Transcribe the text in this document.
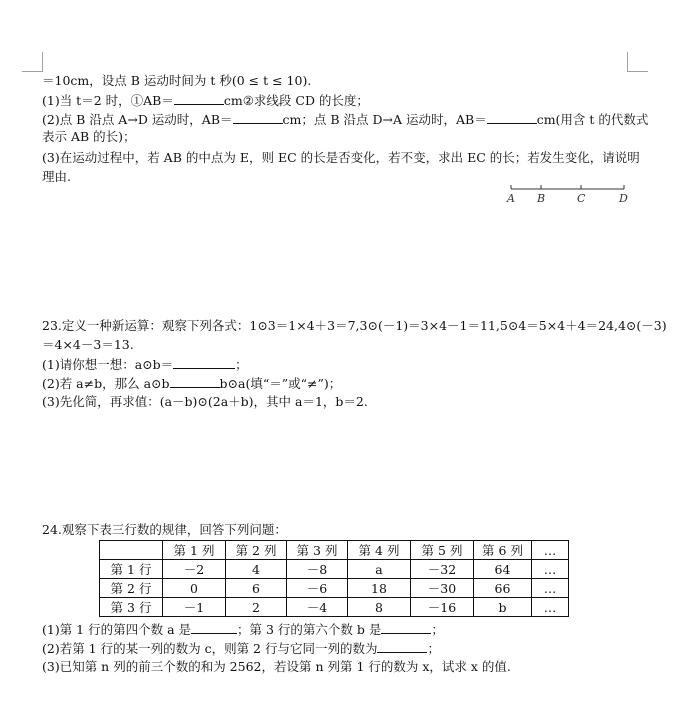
＝10cm，设点 B 运动时间为 t 秒(0 ≤ t ≤ 10).
(1)当 t＝2 时，①AB＝	cm②求线段 CD 的长度；
(2)点 B 沿点 A→D 运动时，AB＝	cm；点 B 沿点 D→A 运动时，AB＝	cm(用含 t 的代数式
表示 AB 的长)；
(3)在运动过程中，若 AB 的中点为 E，则 EC 的长是否变化，若不变，求出 EC 的长；若发生变化，请说明
理由.
A B	C	D
23.定义一种新运算：观察下列各式：1⊙3＝1×4＋3＝7,3⊙(－1)＝3×4－1＝11,5⊙4＝5×4＋4＝24,4⊙(－3)
＝4×4－3＝13.
(1)请你想一想：a⊙b＝	；
(2)若 a≠b，那么 a⊙b	b⊙a(填“＝”或“≠”)；
(3)先化简，再求值：(a－b)⊙(2a＋b)，其中 a＝1，b＝2.
24.观察下表三行数的规律，回答下列问题：
	第 1 列	第 2 列	第 3 列	第 4 列	第 5 列	第 6 列	…
第 1 行	－2	4	－8	a	－32	64	…
第 2 行	0	6	－6	18	－30	66	…
第 3 行	－1	2	－4	8	－16	b	…
(1)第 1 行的第四个数 a 是	；第 3 行的第六个数 b 是	；
(2)若第 1 行的某一列的数为 c，则第 2 行与它同一列的数为	；
(3)已知第 n 列的前三个数的和为 2562，若设第 n 列第 1 行的数为 x，试求 x 的值.
